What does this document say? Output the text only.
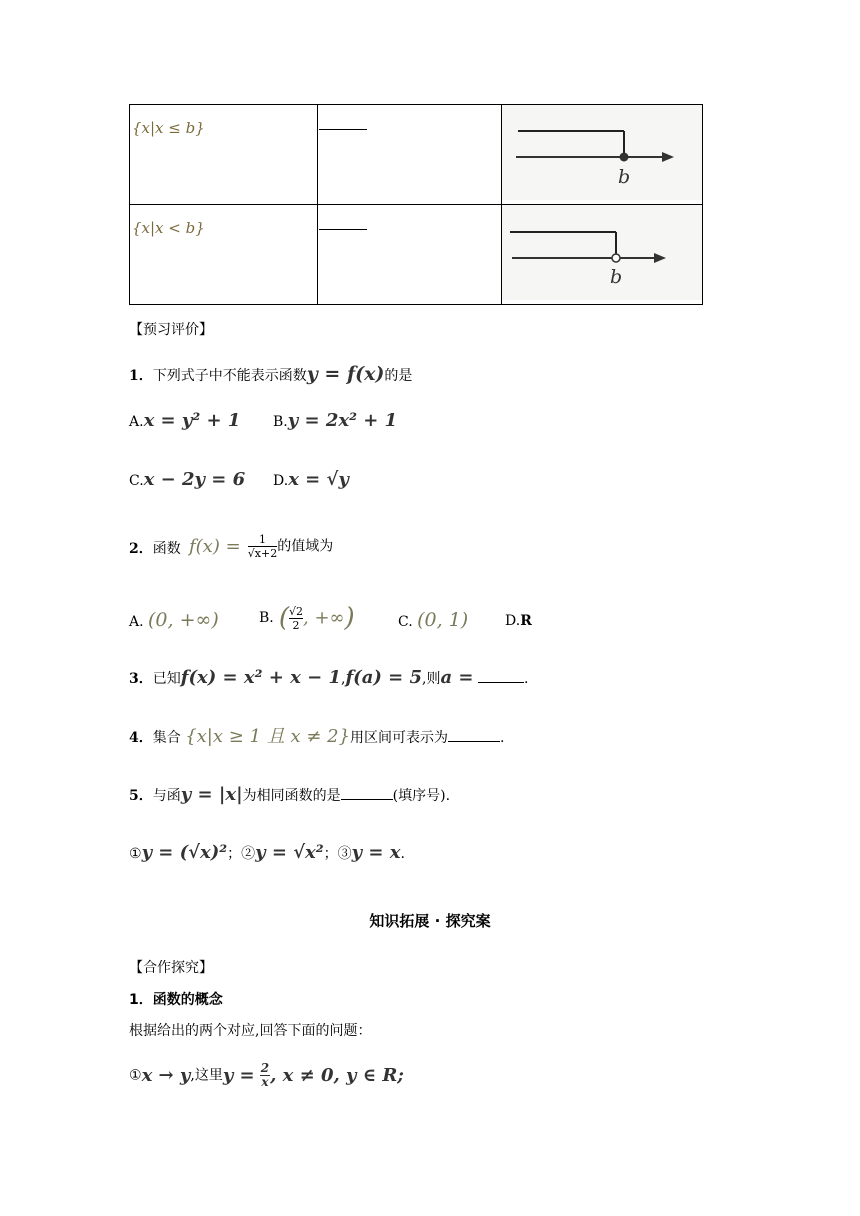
{x|x ≤ b}		b

{x|x < b}		b
【预习评价】
1．下列式子中不能表示函数y = f(x)的是
A.x = y² + 1 B.y = 2x² + 1
C.x − 2y = 6 D.x = √y
2．函数 $f(x) = \frac{1}{√x+2}$ 的值域为
A. (0, +∞)	B. ( $\frac{√2}{2}$ , +∞)	C. (0, 1)	D.R
3．已知f(x) = x² + x − 1,f(a) = 5,则a =	.
4．集合 {x|x ≥ 1 且 x ≠ 2}用区间可表示为	.
5．与函y = |x|为相同函数的是	(填序号).
①y = (√x)²；②y = √x²；③y = x.
知识拓展 · 探究案
【合作探究】
1．函数的概念
根据给出的两个对应,回答下面的问题：
①x → y,这里$y = \frac{2}{x}$ , x ≠ 0, y ∈ R;
